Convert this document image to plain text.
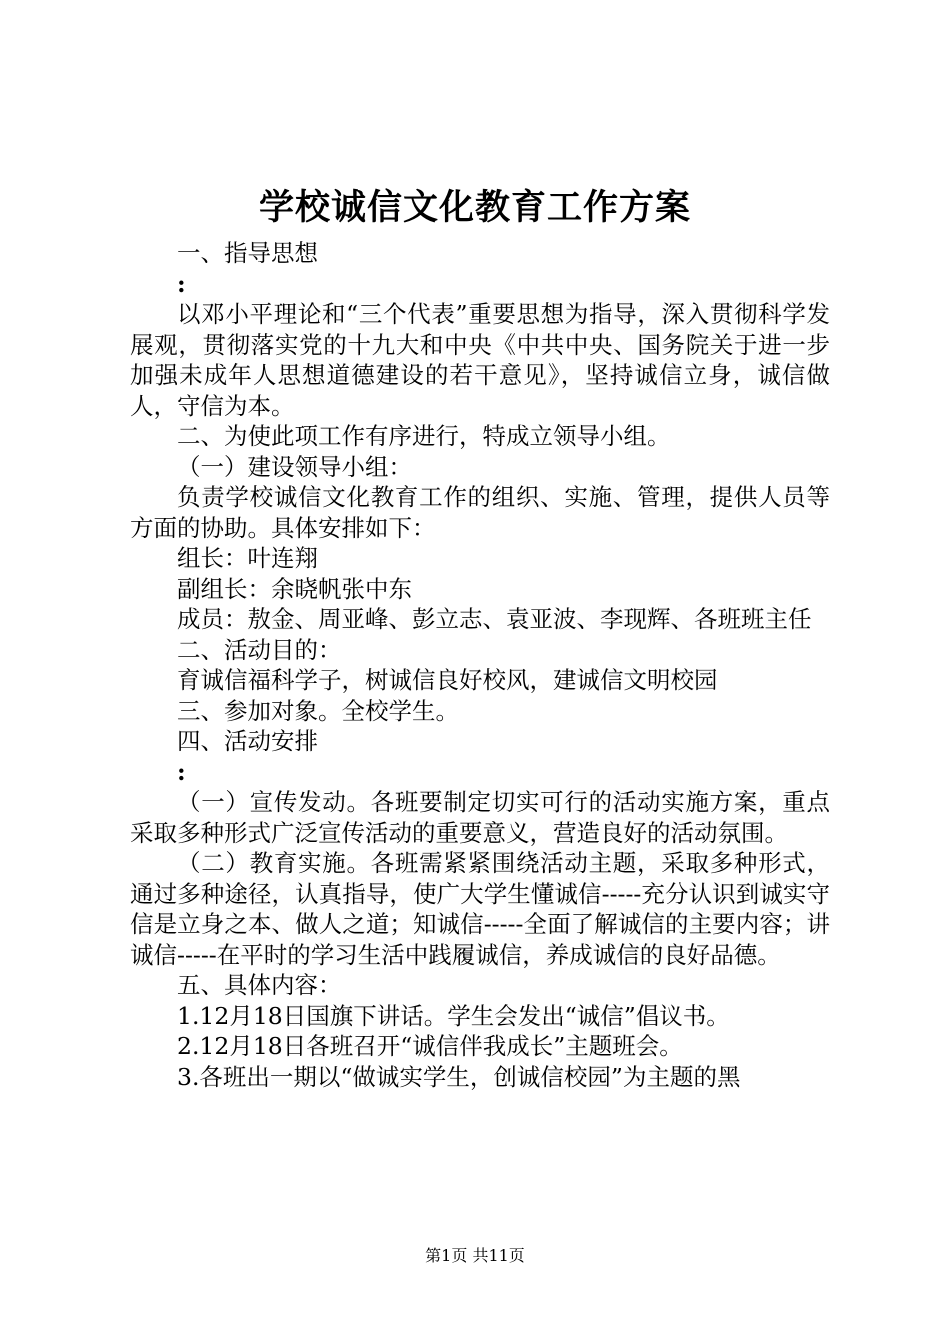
学校诚信文化教育工作方案

一、指导思想

:

以邓小平理论和“三个代表”重要思想为指导，深入贯彻科学发展观，贯彻落实党的十九大和中央《中共中央、国务院关于进一步加强未成年人思想道德建设的若干意见》，坚持诚信立身，诚信做人，守信为本。

二、为使此项工作有序进行，特成立领导小组。

（一）建设领导小组：

负责学校诚信文化教育工作的组织、实施、管理，提供人员等方面的协助。具体安排如下：

组长：叶连翔

副组长：余晓帆张中东

成员：敖金、周亚峰、彭立志、袁亚波、李现辉、各班班主任

二、活动目的：

育诚信福科学子，树诚信良好校风，建诚信文明校园

三、参加对象。全校学生。

四、活动安排

:

（一）宣传发动。各班要制定切实可行的活动实施方案，重点采取多种形式广泛宣传活动的重要意义，营造良好的活动氛围。

（二）教育实施。各班需紧紧围绕活动主题，采取多种形式，通过多种途径，认真指导，使广大学生懂诚信-----充分认识到诚实守信是立身之本、做人之道；知诚信-----全面了解诚信的主要内容；讲诚信-----在平时的学习生活中践履诚信，养成诚信的良好品德。

五、具体内容：

1.12月18日国旗下讲话。学生会发出“诚信”倡议书。

2.12月18日各班召开“诚信伴我成长”主题班会。

3.各班出一期以“做诚实学生，创诚信校园”为主题的黑

第1页 共11页
